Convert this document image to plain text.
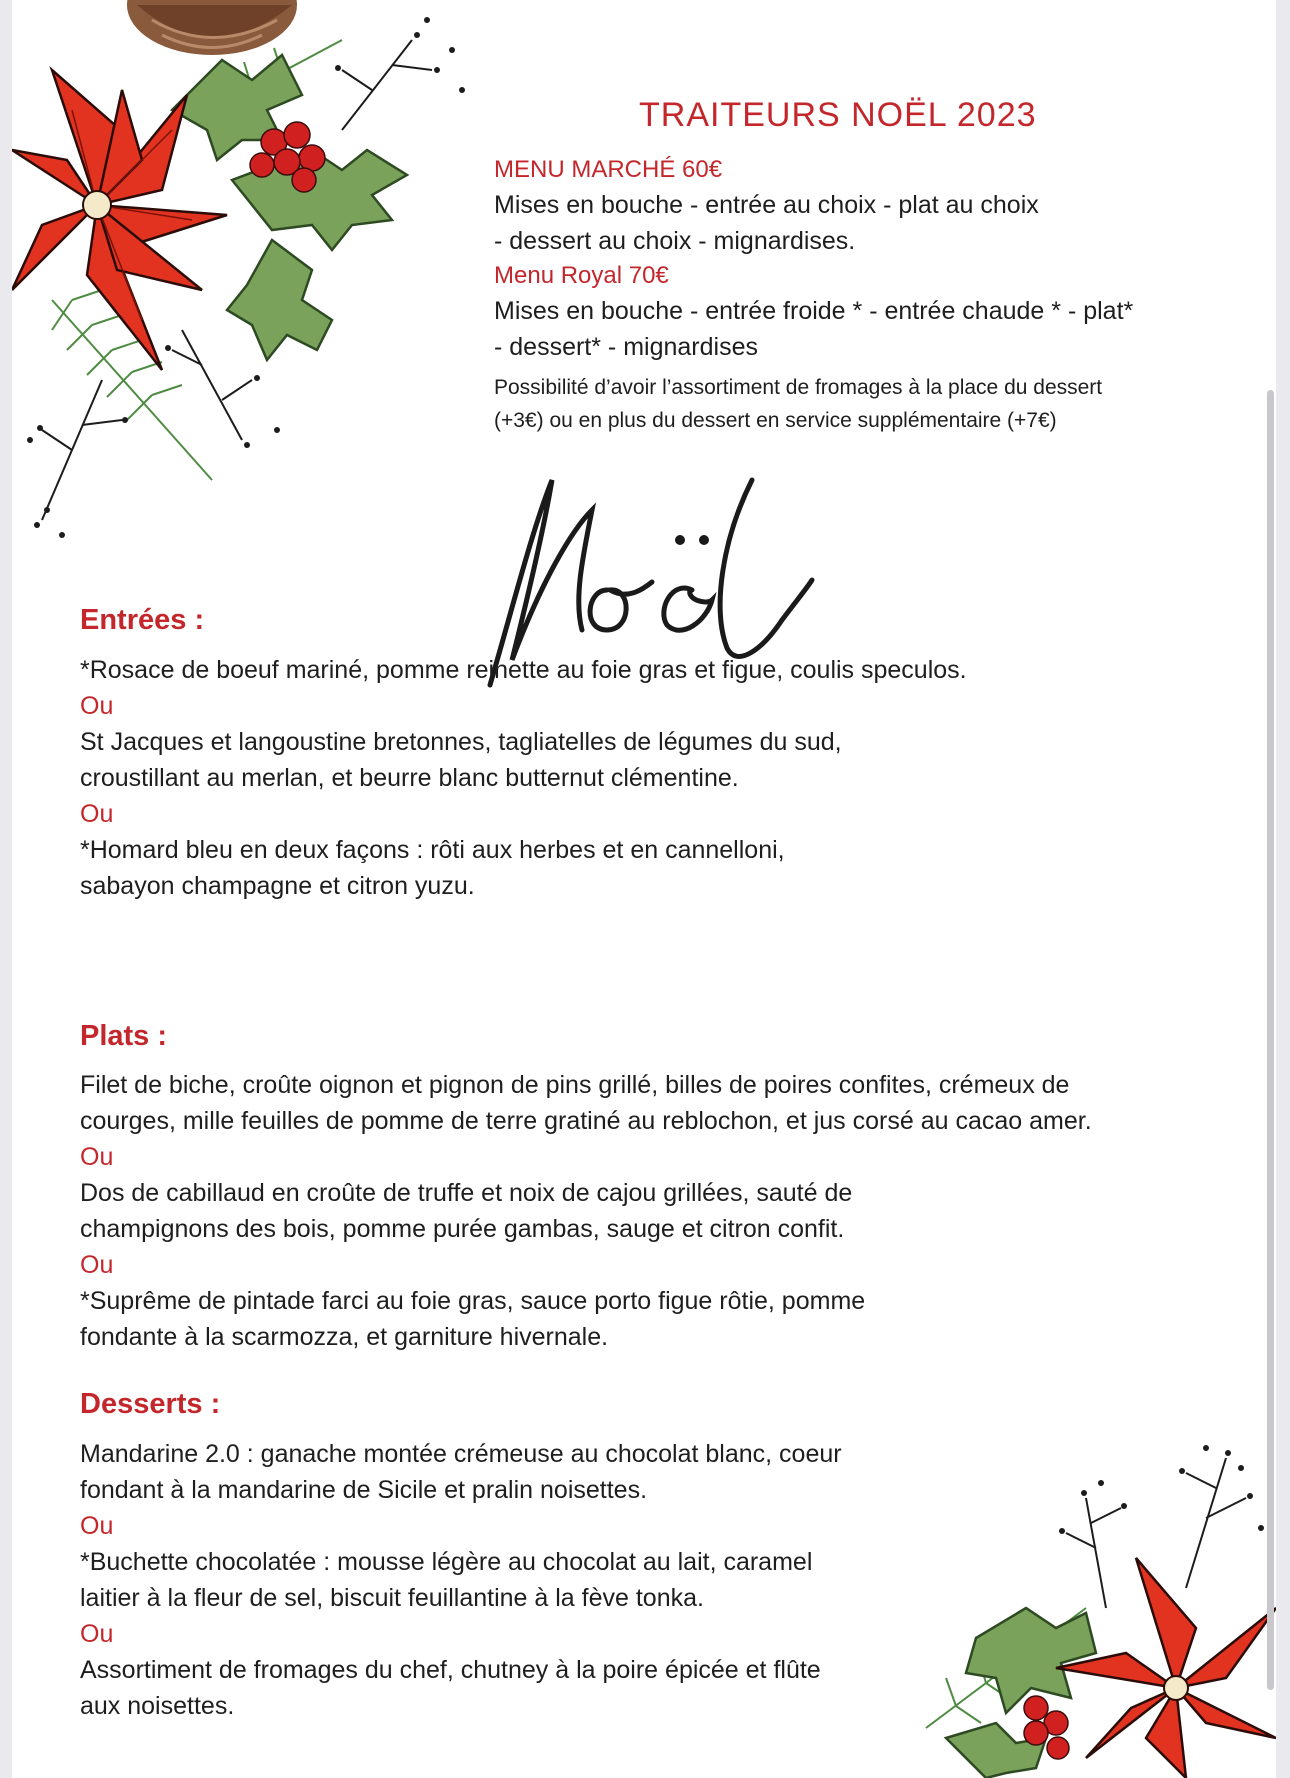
TRAITEURS NOËL 2023
MENU MARCHÉ 60€
Mises en bouche - entrée au choix - plat au choix
- dessert au choix - mignardises.
Menu Royal 70€
Mises en bouche - entrée froide * - entrée chaude * - plat*
- dessert* - mignardises
Possibilité d’avoir l’assortiment de fromages à la place du dessert
(+3€) ou en plus du dessert en service supplémentaire (+7€)
Entrées :
*Rosace de boeuf mariné, pomme reinette au foie gras et figue, coulis speculos.
Ou
St Jacques et langoustine bretonnes, tagliatelles de légumes du sud,
croustillant au merlan, et beurre blanc butternut clémentine.
Ou
*Homard bleu en deux façons : rôti aux herbes et en cannelloni,
sabayon champagne et citron yuzu.
Plats :
Filet de biche, croûte oignon et pignon de pins grillé, billes de poires confites, crémeux de
courges, mille feuilles de pomme de terre gratiné au reblochon, et jus corsé au cacao amer.
Ou
Dos de cabillaud en croûte de truffe et noix de cajou grillées, sauté de
champignons des bois, pomme purée gambas, sauge et citron confit.
Ou
*Suprême de pintade farci au foie gras, sauce porto figue rôtie, pomme
fondante à la scarmozza, et garniture hivernale.
Desserts :
Mandarine 2.0 : ganache montée crémeuse au chocolat blanc, coeur
fondant à la mandarine de Sicile et pralin noisettes.
Ou
*Buchette chocolatée : mousse légère au chocolat au lait, caramel
laitier à la fleur de sel, biscuit feuillantine à la fève tonka.
Ou
Assortiment de fromages du chef, chutney à la poire épicée et flûte
aux noisettes.
